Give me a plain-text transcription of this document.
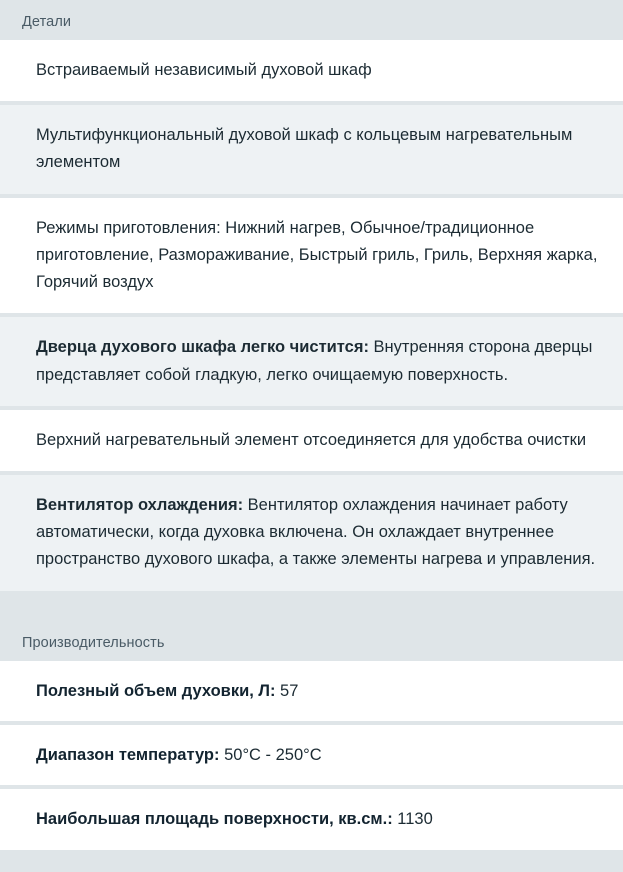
Детали
Встраиваемый независимый духовой шкаф
Мультифункциональный духовой шкаф с кольцевым нагревательным элементом
Режимы приготовления: Нижний нагрев, Обычное/традиционное приготовление, Размораживание, Быстрый гриль, Гриль, Верхняя жарка, Горячий воздух
Дверца духового шкафа легко чистится: Внутренняя сторона дверцы представляет собой гладкую, легко очищаемую поверхность.
Верхний нагревательный элемент отсоединяется для удобства очистки
Вентилятор охлаждения: Вентилятор охлаждения начинает работу автоматически, когда духовка включена. Он охлаждает внутреннее пространство духового шкафа, а также элементы нагрева и управления.
Производительность
Полезный объем духовки, Л: 57
Диапазон температур: 50°C - 250°C
Наибольшая площадь поверхности, кв.см.: 1130
